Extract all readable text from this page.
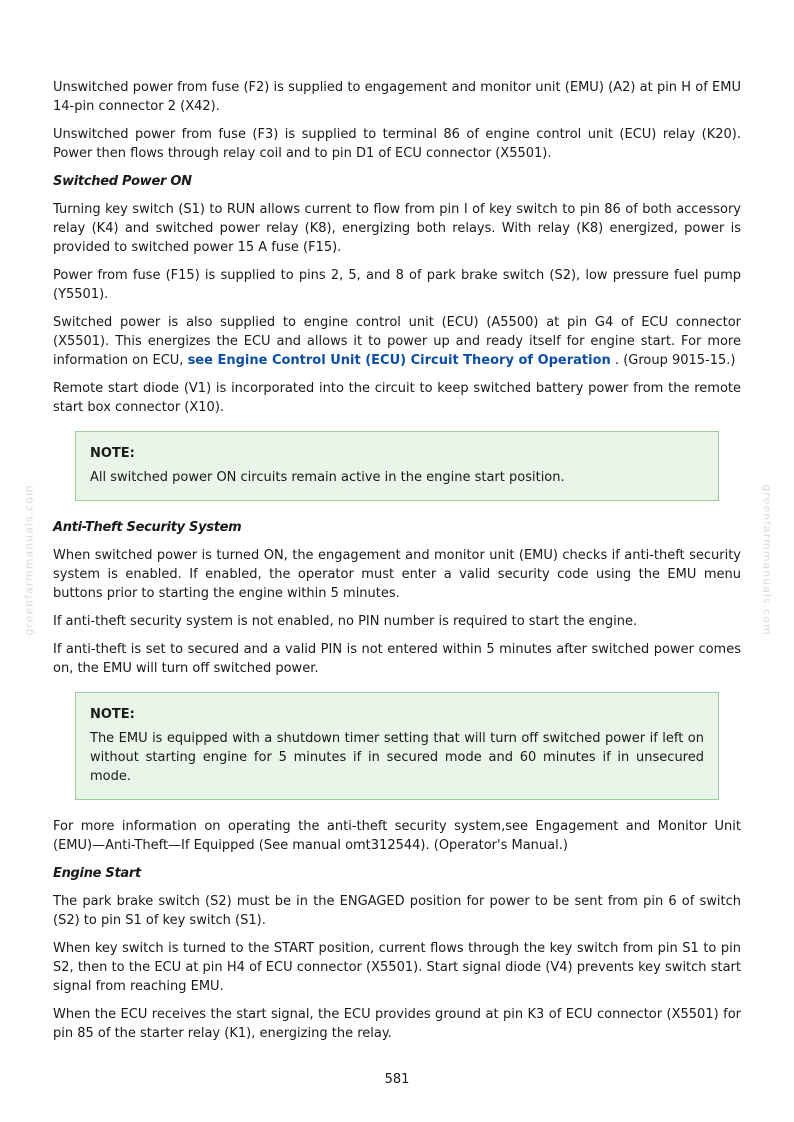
greenfarmmanuals.com	greenfarmmanuals.com

Unswitched power from fuse (F2) is supplied to engagement and monitor unit (EMU) (A2) at pin H of EMU 14-pin connector 2 (X42).

Unswitched power from fuse (F3) is supplied to terminal 86 of engine control unit (ECU) relay (K20). Power then flows through relay coil and to pin D1 of ECU connector (X5501).

Switched Power ON

Turning key switch (S1) to RUN allows current to flow from pin I of key switch to pin 86 of both accessory relay (K4) and switched power relay (K8), energizing both relays. With relay (K8) energized, power is provided to switched power 15 A fuse (F15).

Power from fuse (F15) is supplied to pins 2, 5, and 8 of park brake switch (S2), low pressure fuel pump (Y5501).

Switched power is also supplied to engine control unit (ECU) (A5500) at pin G4 of ECU connector (X5501). This energizes the ECU and allows it to power up and ready itself for engine start. For more information on ECU, see Engine Control Unit (ECU) Circuit Theory of Operation . (Group 9015-15.)

Remote start diode (V1) is incorporated into the circuit to keep switched battery power from the remote start box connector (X10).

NOTE:

All switched power ON circuits remain active in the engine start position.

Anti-Theft Security System

When switched power is turned ON, the engagement and monitor unit (EMU) checks if anti-theft security system is enabled. If enabled, the operator must enter a valid security code using the EMU menu buttons prior to starting the engine within 5 minutes.

If anti-theft security system is not enabled, no PIN number is required to start the engine.

If anti-theft is set to secured and a valid PIN is not entered within 5 minutes after switched power comes on, the EMU will turn off switched power.

NOTE:

The EMU is equipped with a shutdown timer setting that will turn off switched power if left on without starting engine for 5 minutes if in secured mode and 60 minutes if in unsecured mode.

For more information on operating the anti-theft security system,see Engagement and Monitor Unit (EMU)—Anti-Theft—If Equipped (See manual omt312544). (Operator's Manual.)

Engine Start

The park brake switch (S2) must be in the ENGAGED position for power to be sent from pin 6 of switch (S2) to pin S1 of key switch (S1).

When key switch is turned to the START position, current flows through the key switch from pin S1 to pin S2, then to the ECU at pin H4 of ECU connector (X5501). Start signal diode (V4) prevents key switch start signal from reaching EMU.

When the ECU receives the start signal, the ECU provides ground at pin K3 of ECU connector (X5501) for pin 85 of the starter relay (K1), energizing the relay.

581
